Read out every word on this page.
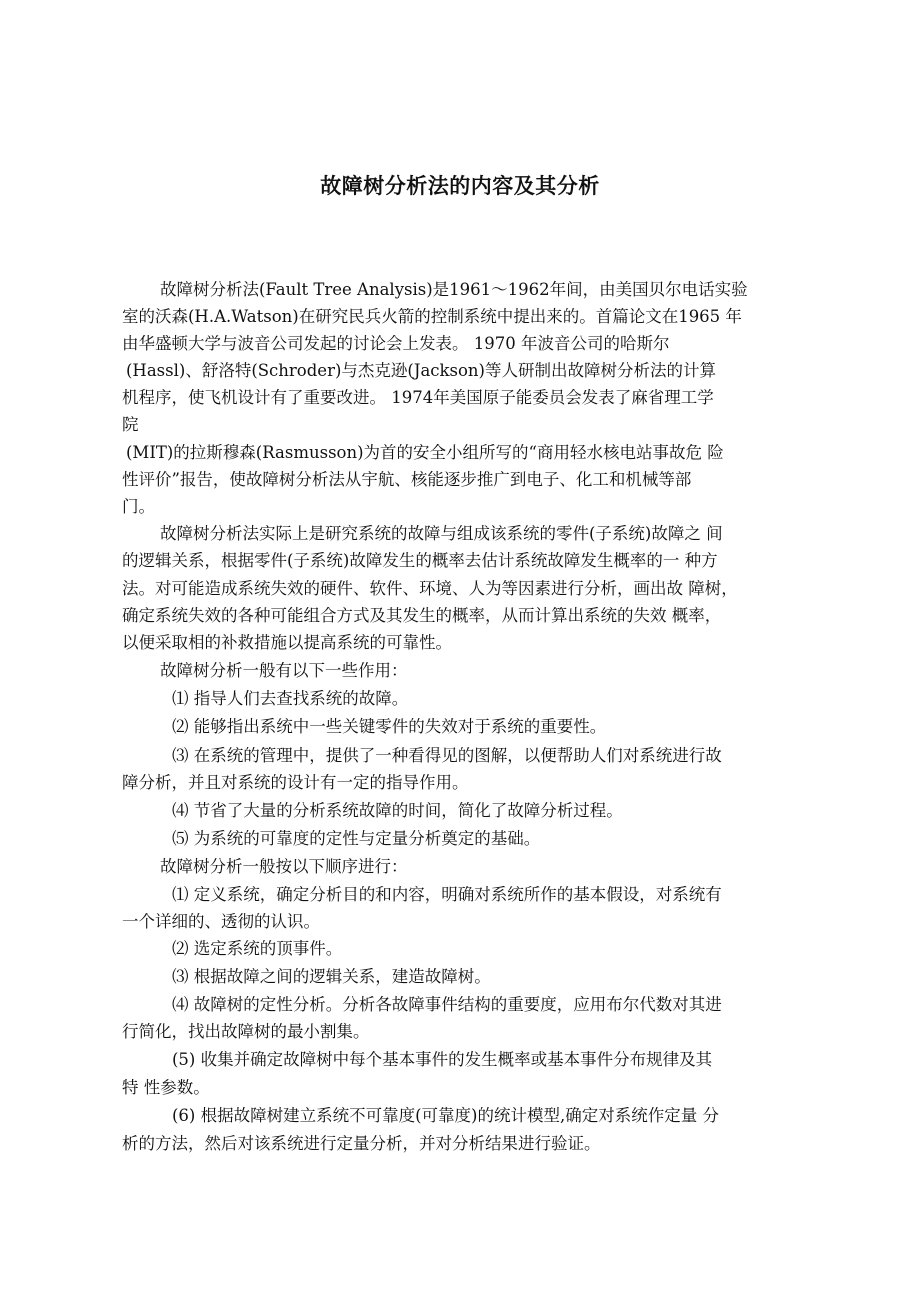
故障树分析法的内容及其分析
故障树分析法(Fault Tree Analysis)是1961〜1962年间，由美国贝尔电话实验
室的沃森(H.A.Watson)在研究民兵火箭的控制系统中提出来的。首篇论文在1965 年
由华盛顿大学与波音公司发起的讨论会上发表。 1970 年波音公司的哈斯尔
(Hassl)、舒洛特(Schroder)与杰克逊(Jackson)等人研制出故障树分析法的计算
机程序，使飞机设计有了重要改进。 1974年美国原子能委员会发表了麻省理工学
院
(MIT)的拉斯穆森(Rasmusson)为首的安全小组所写的“商用轻水核电站事故危 险
性评价”报告，使故障树分析法从宇航、核能逐步推广到电子、化工和机械等部
门。
故障树分析法实际上是研究系统的故障与组成该系统的零件(子系统)故障之 间
的逻辑关系，根据零件(子系统)故障发生的概率去估计系统故障发生概率的一 种方
法。对可能造成系统失效的硬件、软件、环境、人为等因素进行分析，画出故 障树，
确定系统失效的各种可能组合方式及其发生的概率，从而计算出系统的失效 概率，
以便采取相的补救措施以提高系统的可靠性。
故障树分析一般有以下一些作用：
⑴ 指导人们去查找系统的故障。
⑵ 能够指出系统中一些关键零件的失效对于系统的重要性。
⑶ 在系统的管理中，提供了一种看得见的图解，以便帮助人们对系统进行故
障分析，并且对系统的设计有一定的指导作用。
⑷ 节省了大量的分析系统故障的时间，简化了故障分析过程。
⑸ 为系统的可靠度的定性与定量分析奠定的基础。
故障树分析一般按以下顺序进行：
⑴ 定义系统，确定分析目的和内容，明确对系统所作的基本假设，对系统有
一个详细的、透彻的认识。
⑵ 选定系统的顶事件。
⑶ 根据故障之间的逻辑关系，建造故障树。
⑷ 故障树的定性分析。分析各故障事件结构的重要度，应用布尔代数对其进
行简化，找出故障树的最小割集。
(5) 收集并确定故障树中每个基本事件的发生概率或基本事件分布规律及其
特 性参数。
(6) 根据故障树建立系统不可靠度(可靠度)的统计模型,确定对系统作定量 分
析的方法，然后对该系统进行定量分析，并对分析结果进行验证。
